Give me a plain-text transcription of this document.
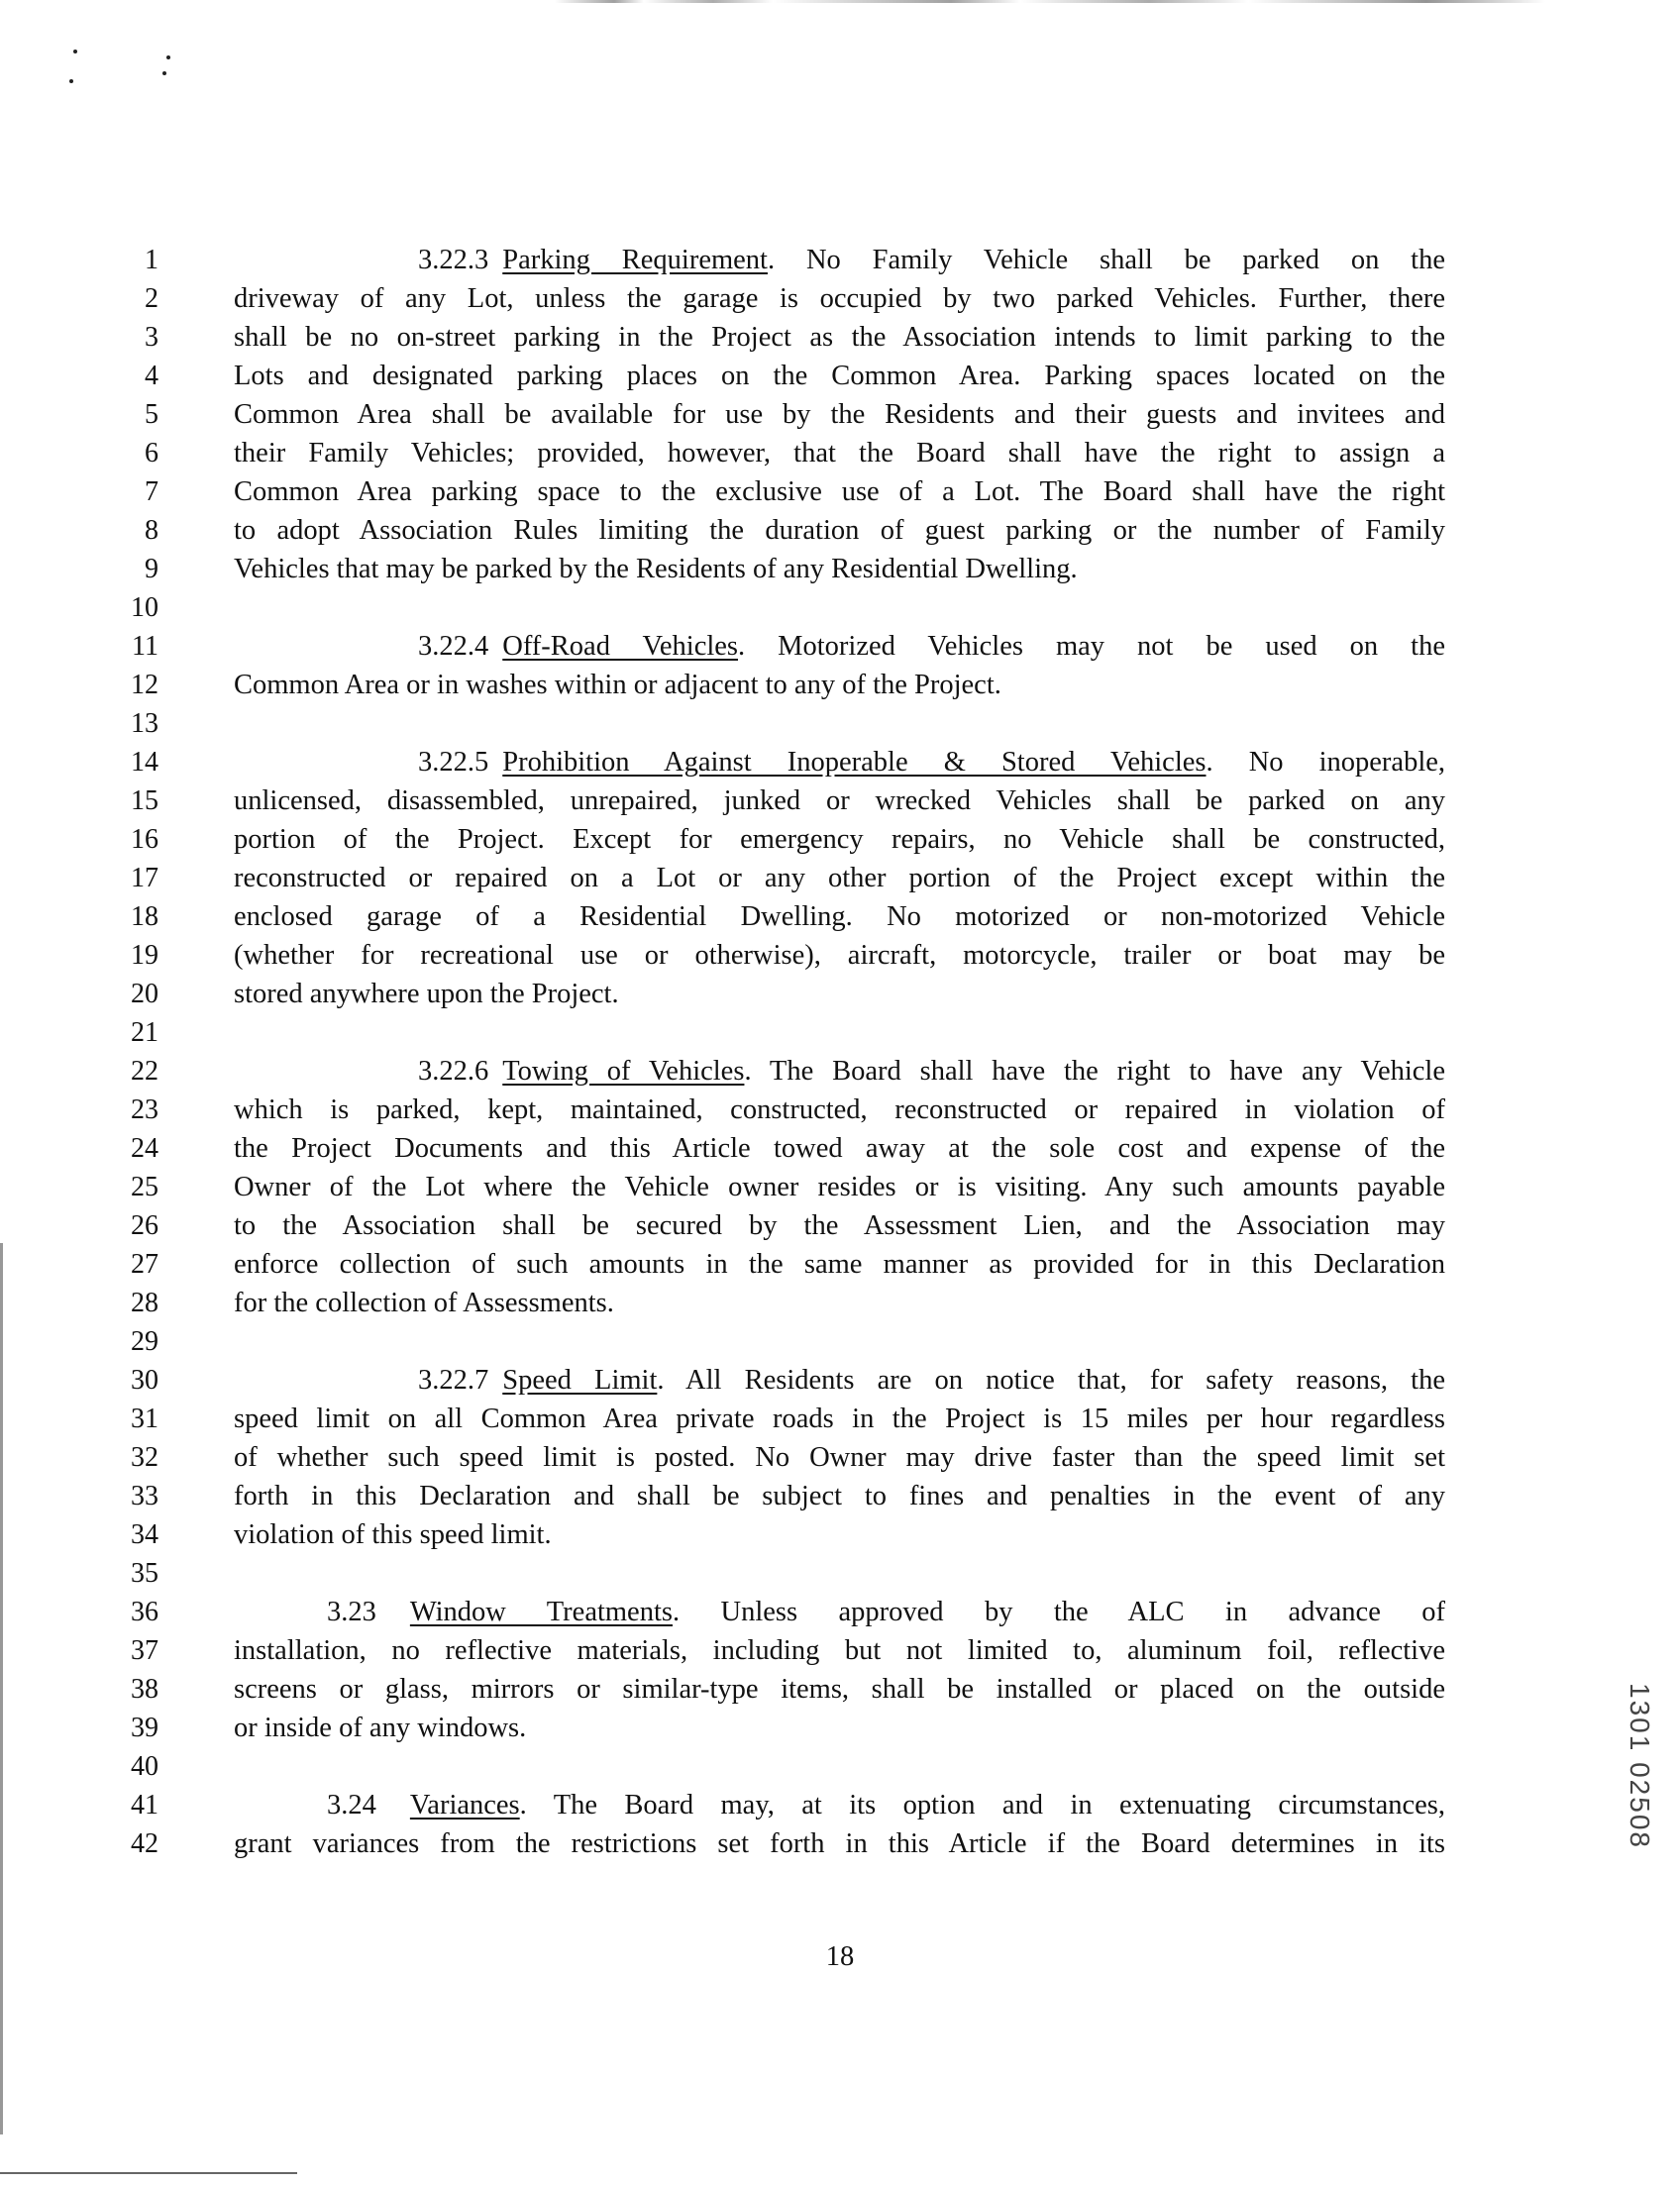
1
2
3
4
5
6
7
8
9
10
11
12
13
14
15
16
17
18
19
20
21
22
23
24
25
26
27
28
29
30
31
32
33
34
35
36
37
38
39
40
41
42
3.22.3 Parking Requirement. No Family Vehicle shall be parked on the
driveway of any Lot, unless the garage is occupied by two parked Vehicles. Further, there
shall be no on-street parking in the Project as the Association intends to limit parking to the
Lots and designated parking places on the Common Area. Parking spaces located on the
Common Area shall be available for use by the Residents and their guests and invitees and
their Family Vehicles; provided, however, that the Board shall have the right to assign a
Common Area parking space to the exclusive use of a Lot. The Board shall have the right
to adopt Association Rules limiting the duration of guest parking or the number of Family
Vehicles that may be parked by the Residents of any Residential Dwelling.
3.22.4 Off-Road Vehicles. Motorized Vehicles may not be used on the
Common Area or in washes within or adjacent to any of the Project.
3.22.5 Prohibition Against Inoperable & Stored Vehicles. No inoperable,
unlicensed, disassembled, unrepaired, junked or wrecked Vehicles shall be parked on any
portion of the Project. Except for emergency repairs, no Vehicle shall be constructed,
reconstructed or repaired on a Lot or any other portion of the Project except within the
enclosed garage of a Residential Dwelling. No motorized or non-motorized Vehicle
(whether for recreational use or otherwise), aircraft, motorcycle, trailer or boat may be
stored anywhere upon the Project.
3.22.6 Towing of Vehicles. The Board shall have the right to have any Vehicle
which is parked, kept, maintained, constructed, reconstructed or repaired in violation of
the Project Documents and this Article towed away at the sole cost and expense of the
Owner of the Lot where the Vehicle owner resides or is visiting. Any such amounts payable
to the Association shall be secured by the Assessment Lien, and the Association may
enforce collection of such amounts in the same manner as provided for in this Declaration
for the collection of Assessments.
3.22.7 Speed Limit. All Residents are on notice that, for safety reasons, the
speed limit on all Common Area private roads in the Project is 15 miles per hour regardless
of whether such speed limit is posted. No Owner may drive faster than the speed limit set
forth in this Declaration and shall be subject to fines and penalties in the event of any
violation of this speed limit.
3.23 Window Treatments. Unless approved by the ALC in advance of
installation, no reflective materials, including but not limited to, aluminum foil, reflective
screens or glass, mirrors or similar-type items, shall be installed or placed on the outside
or inside of any windows.
3.24 Variances. The Board may, at its option and in extenuating circumstances,
grant variances from the restrictions set forth in this Article if the Board determines in its
18
1301 02508
